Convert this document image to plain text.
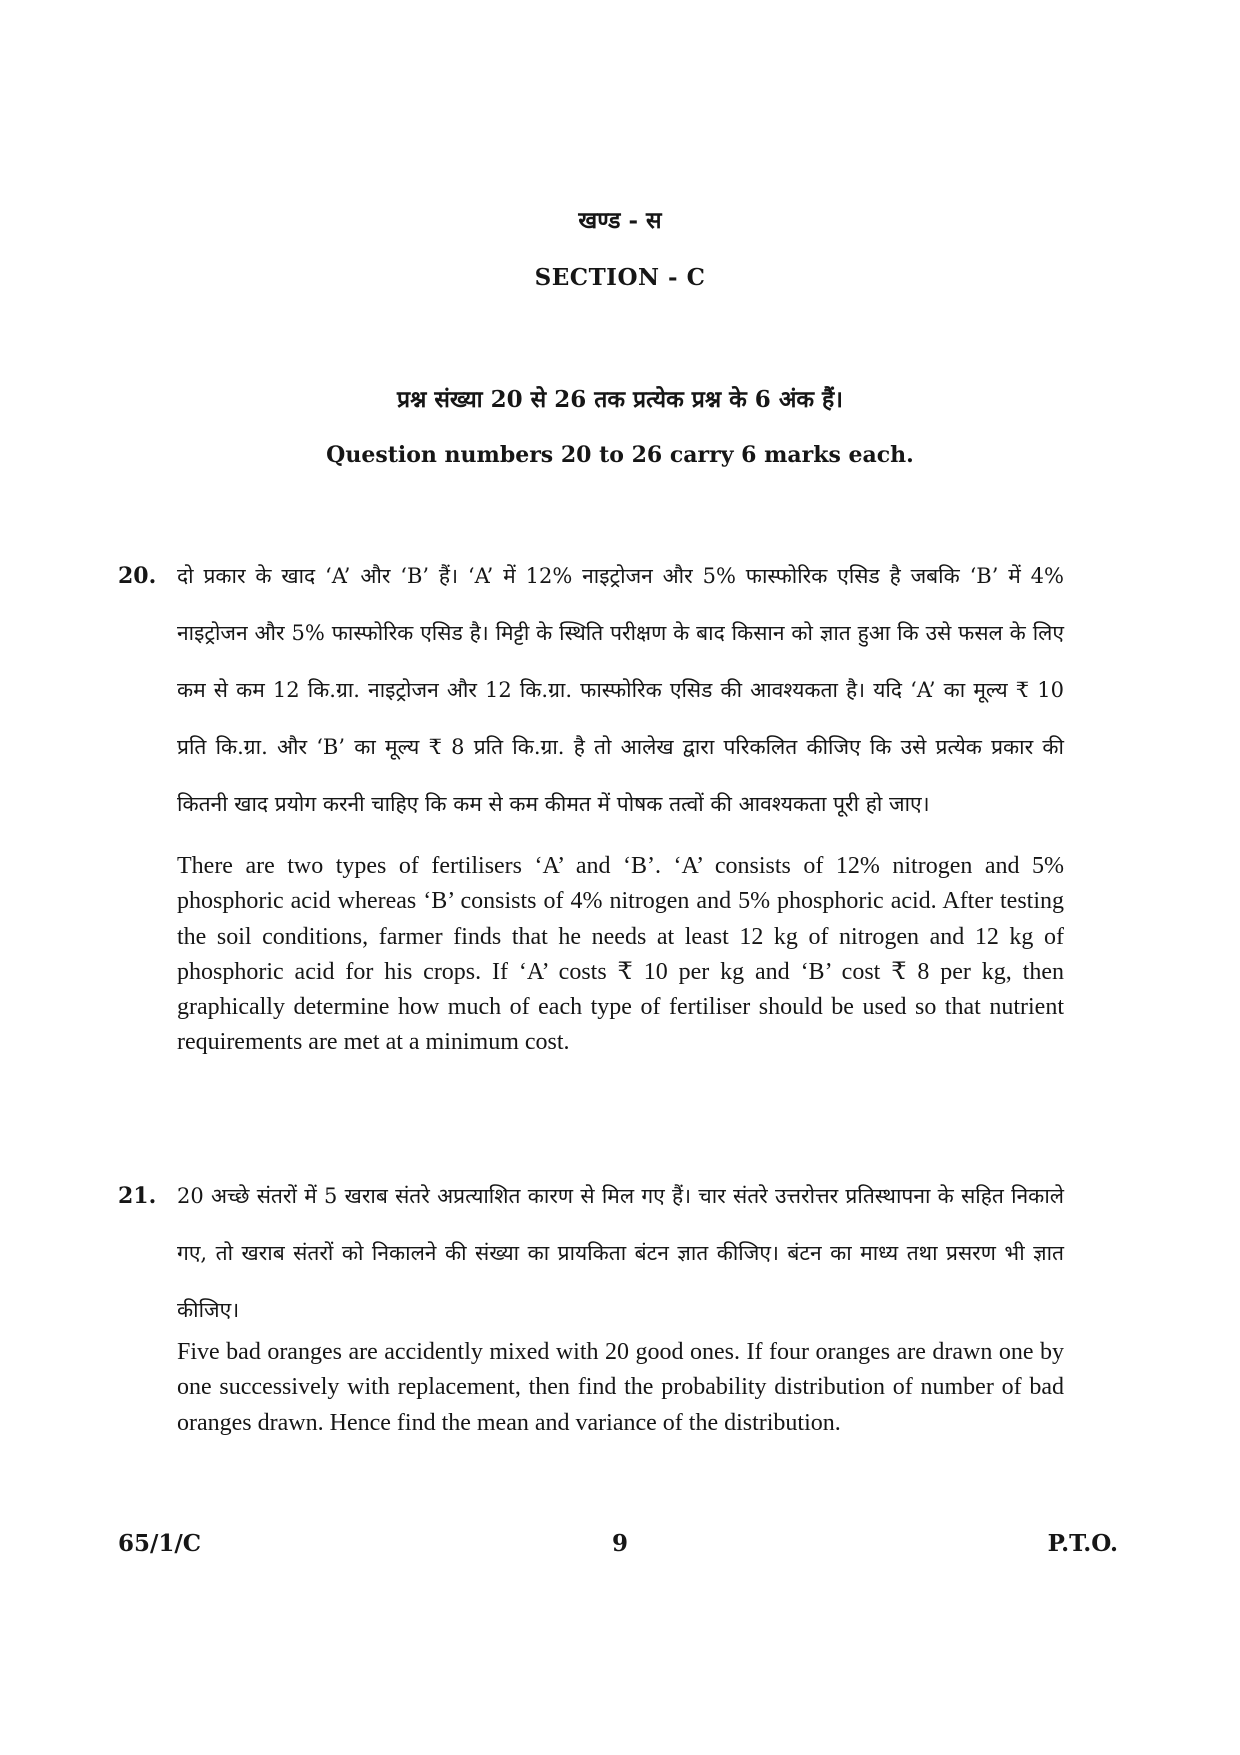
खण्ड - स

SECTION - C

प्रश्न संख्या 20 से 26 तक प्रत्येक प्रश्न के 6 अंक हैं।

Question numbers 20 to 26 carry 6 marks each.

20. दो प्रकार के खाद ‘A’ और ‘B’ हैं। ‘A’ में 12% नाइट्रोजन और 5% फास्फोरिक एसिड है जबकि ‘B’ में 4% नाइट्रोजन और 5% फास्फोरिक एसिड है। मिट्टी के स्थिति परीक्षण के बाद किसान को ज्ञात हुआ कि उसे फसल के लिए कम से कम 12 कि.ग्रा. नाइट्रोजन और 12 कि.ग्रा. फास्फोरिक एसिड की आवश्यकता है। यदि ‘A’ का मूल्य ₹ 10 प्रति कि.ग्रा. और ‘B’ का मूल्य ₹ 8 प्रति कि.ग्रा. है तो आलेख द्वारा परिकलित कीजिए कि उसे प्रत्येक प्रकार की कितनी खाद प्रयोग करनी चाहिए कि कम से कम कीमत में पोषक तत्वों की आवश्यकता पूरी हो जाए।

There are two types of fertilisers ‘A’ and ‘B’. ‘A’ consists of 12% nitrogen and 5% phosphoric acid whereas ‘B’ consists of 4% nitrogen and 5% phosphoric acid. After testing the soil conditions, farmer finds that he needs at least 12 kg of nitrogen and 12 kg of phosphoric acid for his crops. If ‘A’ costs ₹ 10 per kg and ‘B’ cost ₹ 8 per kg, then graphically determine how much of each type of fertiliser should be used so that nutrient requirements are met at a minimum cost.

21. 20 अच्छे संतरों में 5 खराब संतरे अप्रत्याशित कारण से मिल गए हैं। चार संतरे उत्तरोत्तर प्रतिस्थापना के सहित निकाले गए, तो खराब संतरों को निकालने की संख्या का प्रायकिता बंटन ज्ञात कीजिए। बंटन का माध्य तथा प्रसरण भी ज्ञात कीजिए।

Five bad oranges are accidently mixed with 20 good ones. If four oranges are drawn one by one successively with replacement, then find the probability distribution of number of bad oranges drawn. Hence find the mean and variance of the distribution.

65/1/C	9	P.T.O.
